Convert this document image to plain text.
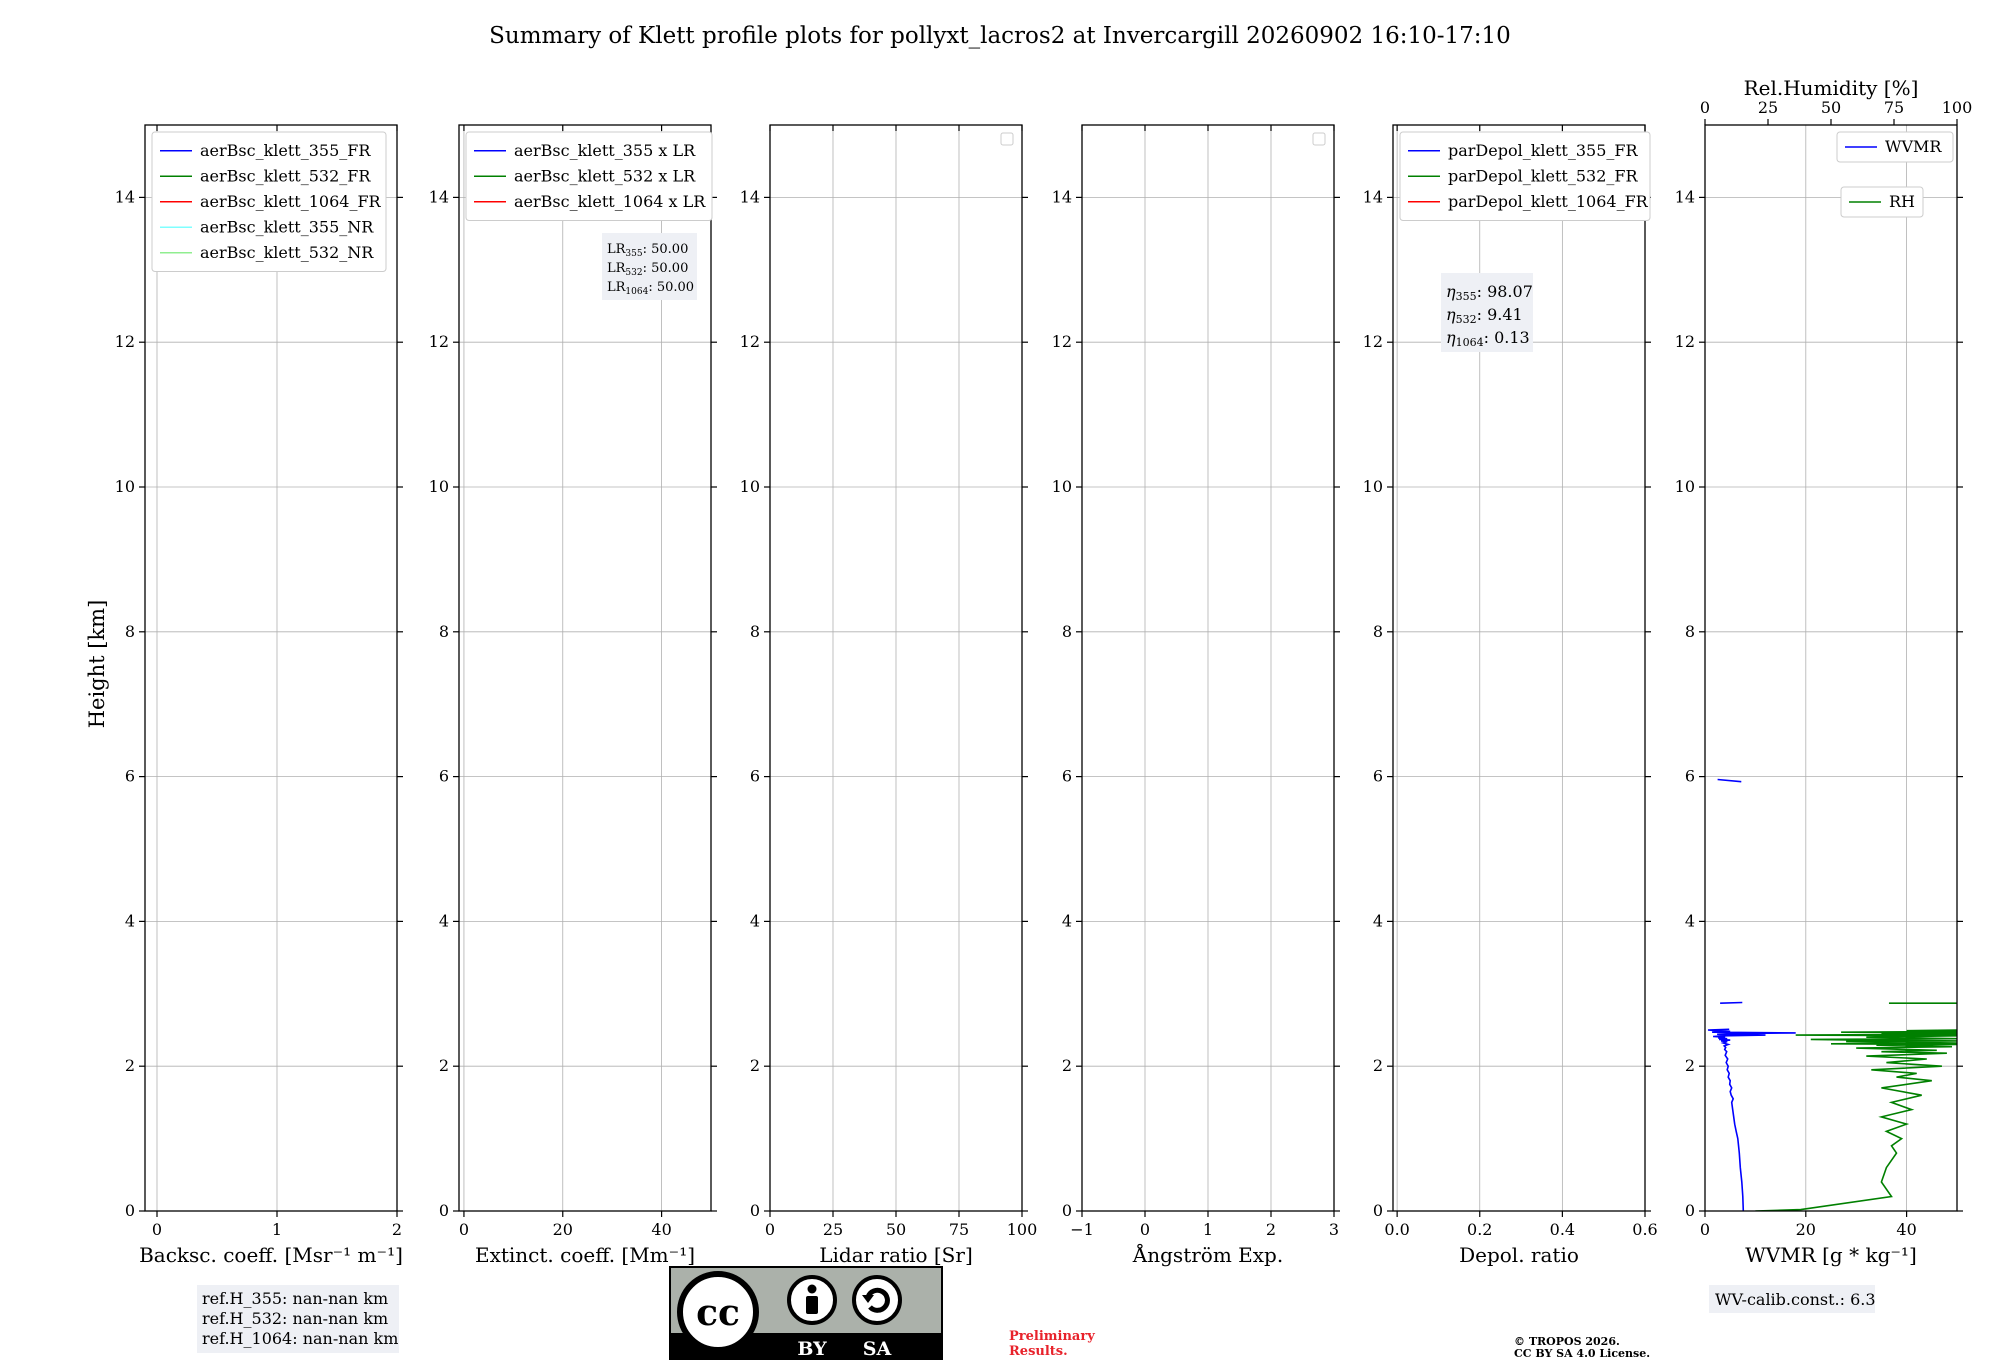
Summary of Klett profile plots for pollyxt_lacros2 at Invercargill 20260902 16:10-17:10
Height [km]
0	1	2
0
2
4
6
8
10
12
14
Backsc. coeff. [Msr⁻¹ m⁻¹]
aerBsc_klett_355_FR
aerBsc_klett_532_FR
aerBsc_klett_1064_FR
aerBsc_klett_355_NR
aerBsc_klett_532_NR
0	20	40
0
2
4
6
8
10
12
14
Extinct. coeff. [Mm⁻¹]
aerBsc_klett_355 x LR
aerBsc_klett_532 x LR
aerBsc_klett_1064 x LR
$LR_{355}$: 50.00
$LR_{532}$: 50.00
$LR_{1064}$: 50.00
0	25	50	75 100
0
2
4
6
8
10
12
14
Lidar ratio [Sr]
−1	0	1	2	3
0
2
4
6
8
10
12
14
Ångström Exp.
0.0	0.2	0.4	0.6
0
2
4
6
8
10
12
14
Depol. ratio
parDepol_klett_355_FR
parDepol_klett_532_FR
parDepol_klett_1064_FR
η355: 98.07
η532: 9.41
η1064: 0.13
0	20	40
0
2
4
6
8
10
12
14
WVMR [g * kg⁻¹]
0	25	50	75 100
Rel.Humidity [%]
WVMR
RH
ref.H_355: nan-nan km
ref.H_532: nan-nan km
ref.H_1064: nan-nan km
cc
BY SA
Preliminary
Results.
© TROPOS 2026.
CC BY SA 4.0 License.
WV-calib.const.: 6.3
